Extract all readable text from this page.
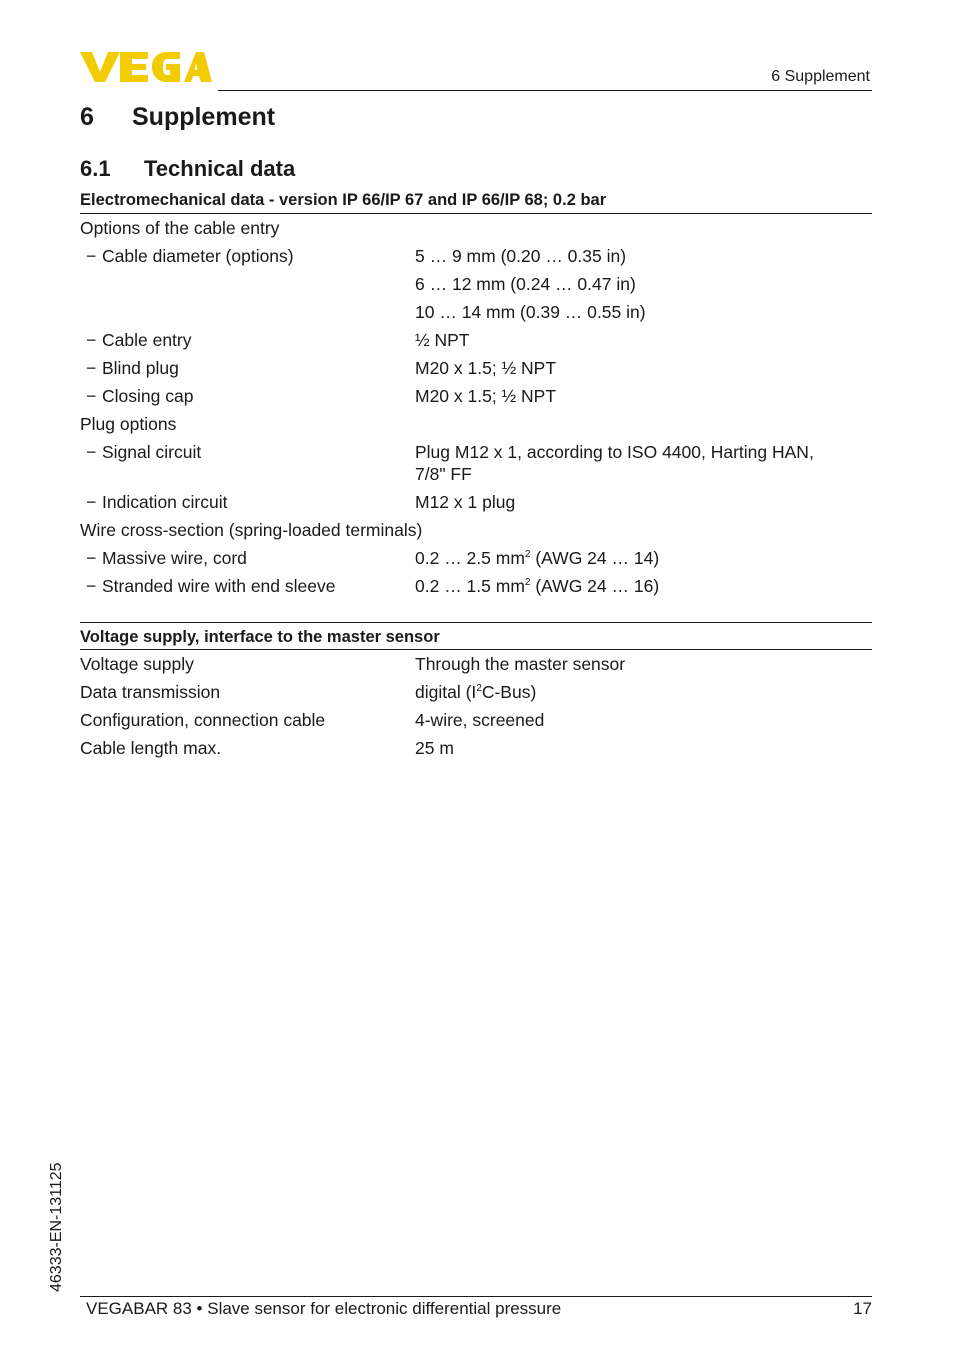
6 Supplement
6 Supplement
6.1 Technical data
Electromechanical data - version IP 66/IP 67 and IP 66/IP 68; 0.2 bar
Options of the cable entry

− Cable diameter (options)	5 … 9 mm (0.20 … 0.35 in)
6 … 12 mm (0.24 … 0.47 in)
10 … 14 mm (0.39 … 0.55 in)
− Cable entry	½ NPT
− Blind plug	M20 x 1.5; ½ NPT
− Closing cap	M20 x 1.5; ½ NPT
Plug options

− Signal circuit	Plug M12 x 1, according to ISO 4400, Harting HAN,
7/8" FF
− Indication circuit	M12 x 1 plug
Wire cross-section (spring-loaded terminals)

− Massive wire, cord	0.2 … 2.5 $mm^2$ (AWG 24 … 14)
− Stranded wire with end sleeve	0.2 … 1.5 $mm^2$ (AWG 24 … 16)
Voltage supply, interface to the master sensor
Voltage supply	Through the master sensor
Data transmission	digital $(I^2C-Bus)$
Configuration, connection cable	4-wire, screened
Cable length max.	25 m
46333-EN-131125
VEGABAR 83 • Slave sensor for electronic differential pressure	17
